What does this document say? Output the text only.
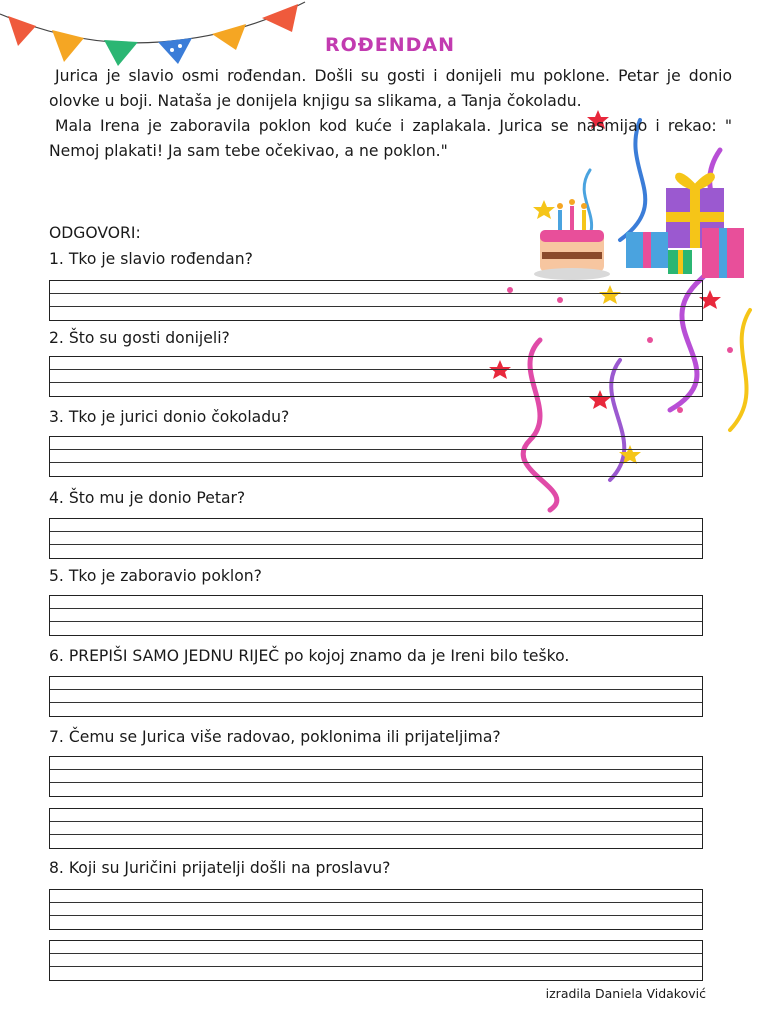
ROĐENDAN

Jurica je slavio osmi rođendan. Došli su gosti i donijeli mu poklone. Petar je donio olovke u boji. Nataša je donijela knjigu sa slikama, a Tanja čokoladu.

Mala Irena je zaboravila poklon kod kuće i zaplakala. Jurica se nasmijao i rekao: " Nemoj plakati! Ja sam tebe očekivao, a ne poklon."

ODGOVORI:

1. Tko je slavio rođendan?

2. Što su gosti donijeli?

3. Tko je jurici donio čokoladu?

4. Što mu je donio Petar?

5. Tko je zaboravio poklon?

6. PREPIŠI SAMO JEDNU RIJEČ po kojoj znamo da je Ireni bilo teško.

7. Čemu se Jurica više radovao, poklonima ili prijateljima?

8. Koji su Juričini prijatelji došli na proslavu?

izradila Daniela Vidaković
